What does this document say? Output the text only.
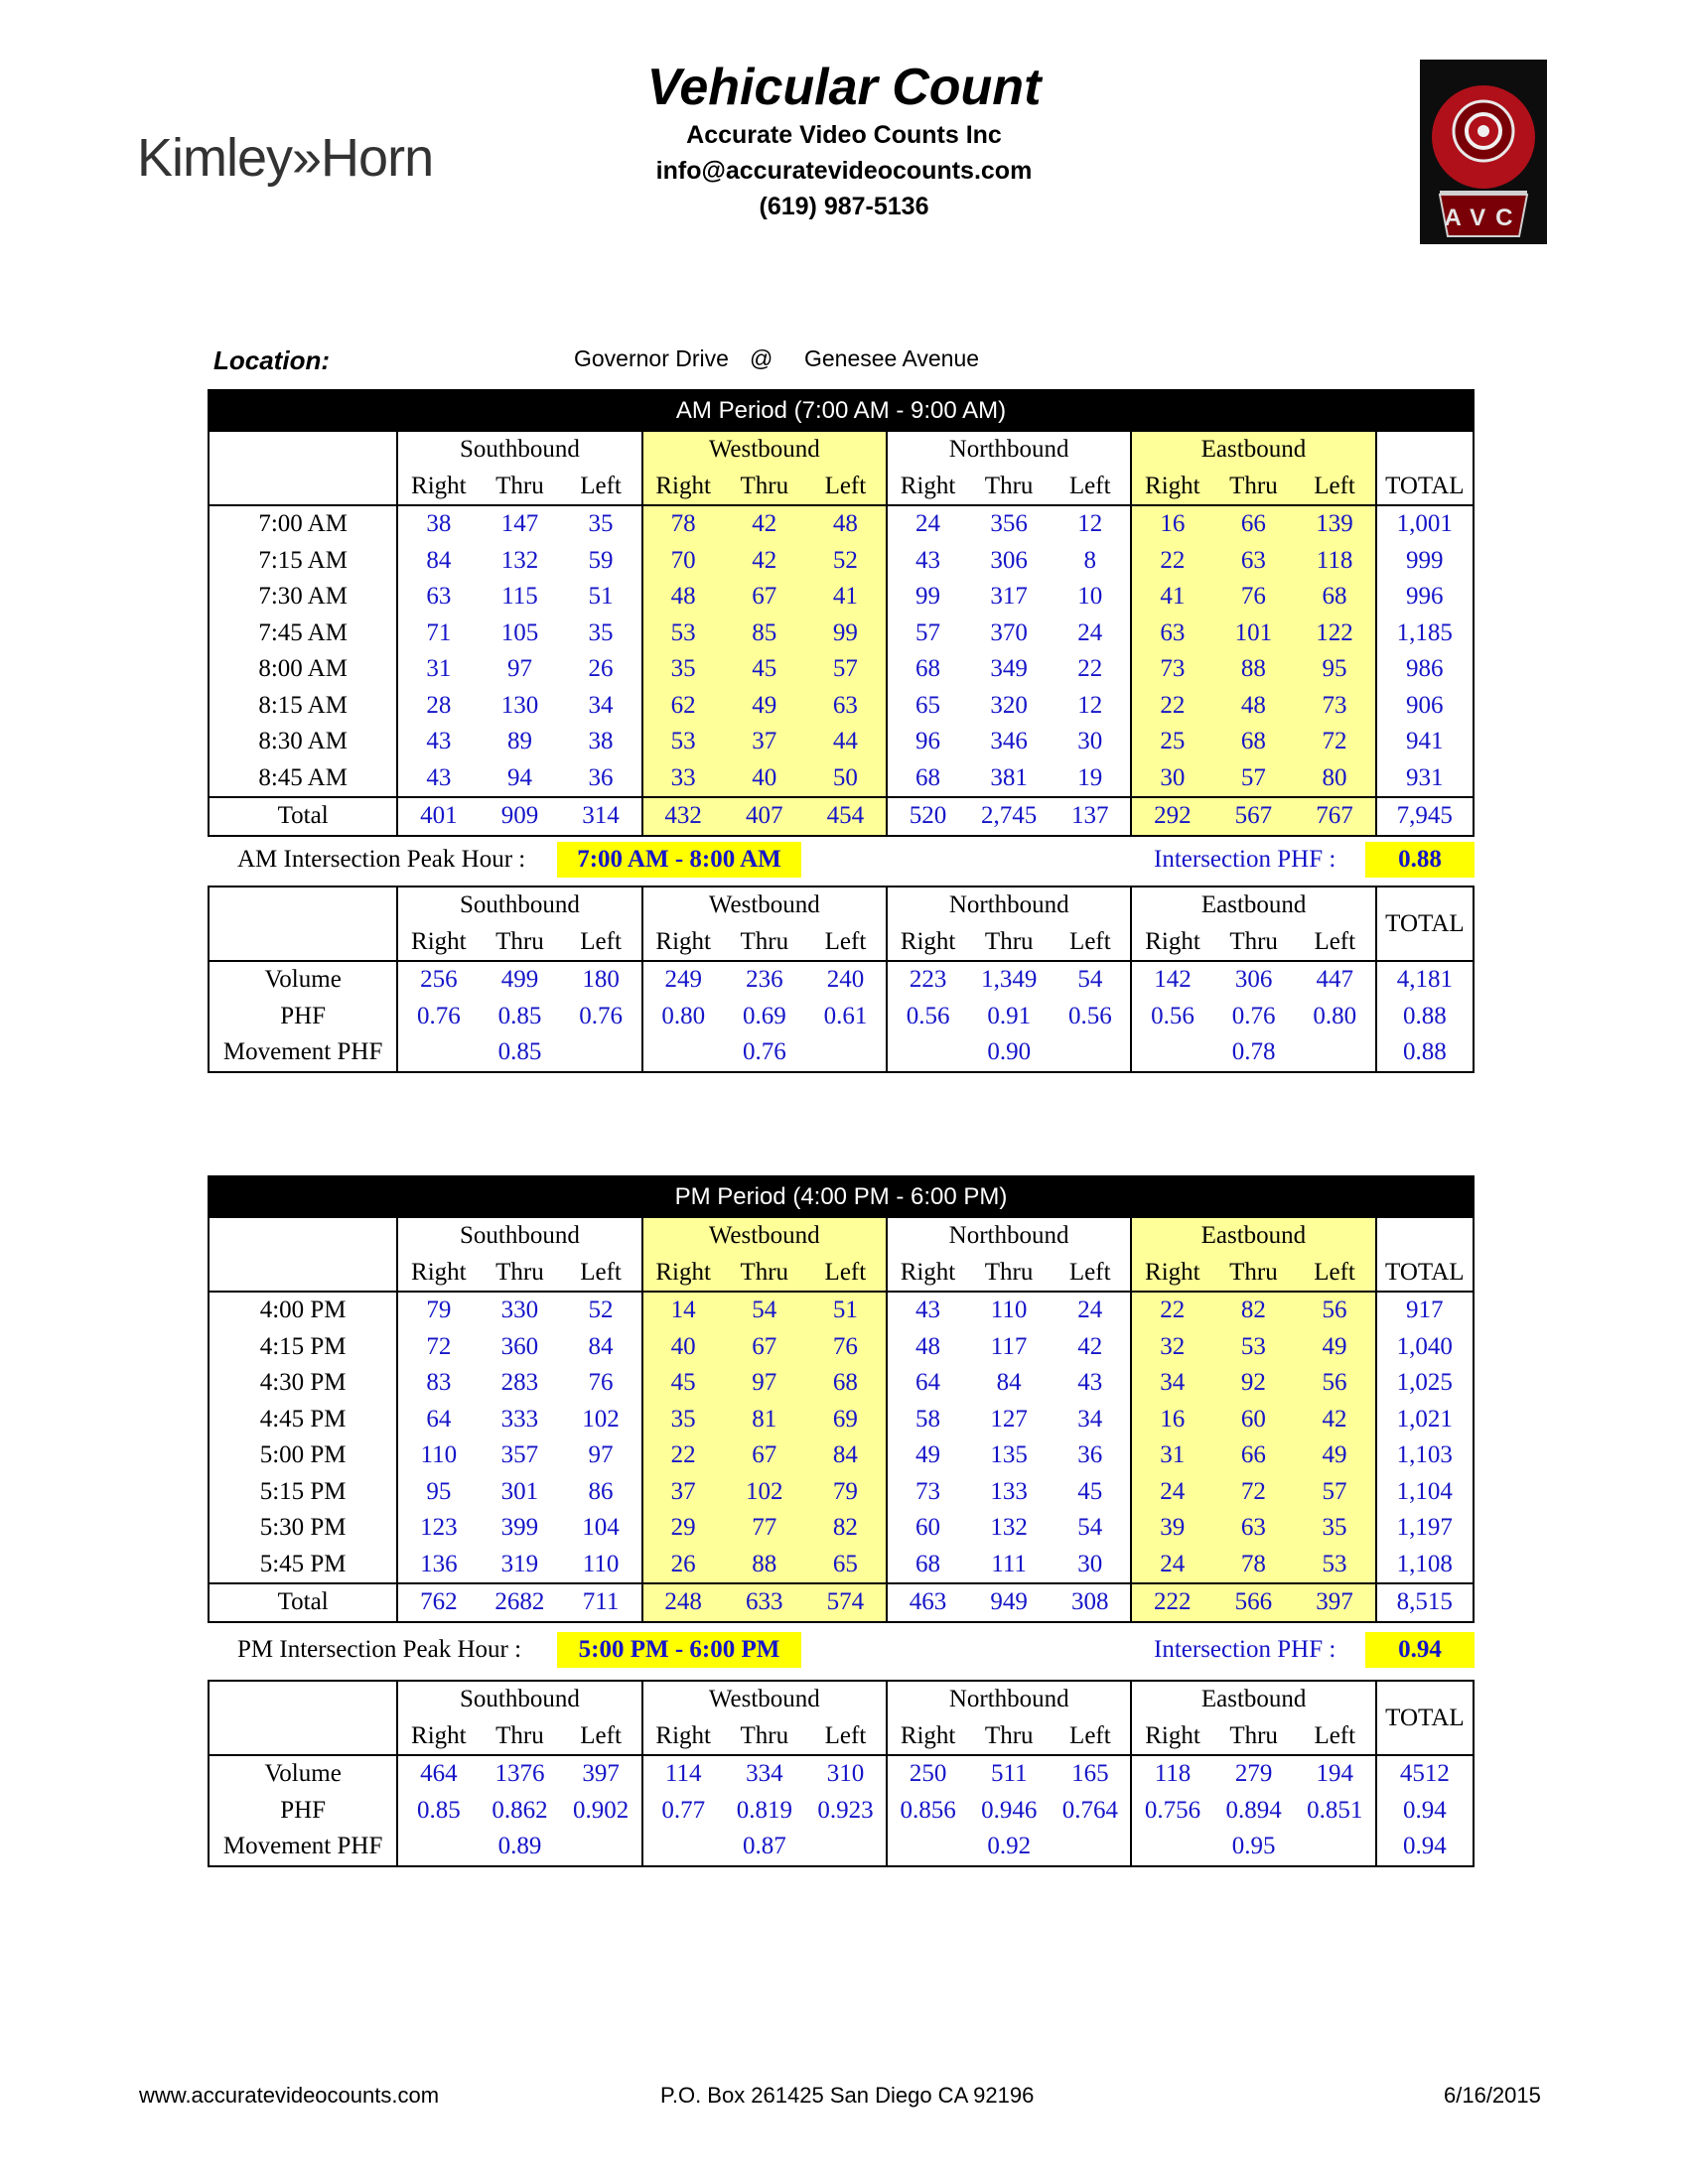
Kimley»Horn
Vehicular Count
Accurate Video Counts Inc
info@accuratevideocounts.com
(619) 987-5136	AVC
Location:	Governor Drive @ Genesee Avenue
AM Period (7:00 AM - 9:00 AM)													
	Southbound			Westbound			Northbound			Eastbound			
	Right	Thru	Left	Right	Thru	Left	Right	Thru	Left	Right	Thru	Left	TOTAL
7:00 AM	38	147	35	78	42	48	24	356	12	16	66	139	1,001
7:15 AM	84	132	59	70	42	52	43	306	8	22	63	118	999
7:30 AM	63	115	51	48	67	41	99	317	10	41	76	68	996
7:45 AM	71	105	35	53	85	99	57	370	24	63	101	122	1,185
8:00 AM	31	97	26	35	45	57	68	349	22	73	88	95	986
8:15 AM	28	130	34	62	49	63	65	320	12	22	48	73	906
8:30 AM	43	89	38	53	37	44	96	346	30	25	68	72	941
8:45 AM	43	94	36	33	40	50	68	381	19	30	57	80	931
Total	401	909	314	432	407	454	520	2,745	137	292	567	767	7,945
AM Intersection Peak Hour :	7:00 AM - 8:00 AM	Intersection PHF :	0.88
	Southbound			Westbound			Northbound			Eastbound			TOTAL
	Right	Thru	Left	Right	Thru	Left	Right	Thru	Left	Right	Thru	Left	
Volume	256	499	180	249	236	240	223	1,349	54	142	306	447	4,181
PHF	0.76	0.85	0.76	0.80	0.69	0.61	0.56	0.91	0.56	0.56	0.76	0.80	0.88
Movement PHF	0.85			0.76			0.90			0.78			0.88
PM Period (4:00 PM - 6:00 PM)													
	Southbound			Westbound			Northbound			Eastbound			
	Right	Thru	Left	Right	Thru	Left	Right	Thru	Left	Right	Thru	Left	TOTAL
4:00 PM	79	330	52	14	54	51	43	110	24	22	82	56	917
4:15 PM	72	360	84	40	67	76	48	117	42	32	53	49	1,040
4:30 PM	83	283	76	45	97	68	64	84	43	34	92	56	1,025
4:45 PM	64	333	102	35	81	69	58	127	34	16	60	42	1,021
5:00 PM	110	357	97	22	67	84	49	135	36	31	66	49	1,103
5:15 PM	95	301	86	37	102	79	73	133	45	24	72	57	1,104
5:30 PM	123	399	104	29	77	82	60	132	54	39	63	35	1,197
5:45 PM	136	319	110	26	88	65	68	111	30	24	78	53	1,108
Total	762	2682	711	248	633	574	463	949	308	222	566	397	8,515
PM Intersection Peak Hour :	5:00 PM - 6:00 PM	Intersection PHF :	0.94
	Southbound			Westbound			Northbound			Eastbound			TOTAL
	Right	Thru	Left	Right	Thru	Left	Right	Thru	Left	Right	Thru	Left	
Volume	464	1376	397	114	334	310	250	511	165	118	279	194	4512
PHF	0.85	0.862	0.902	0.77	0.819	0.923	0.856	0.946	0.764	0.756	0.894	0.851	0.94
Movement PHF	0.89			0.87			0.92			0.95			0.94
www.accuratevideocounts.com	P.O. Box 261425 San Diego CA 92196	6/16/2015
